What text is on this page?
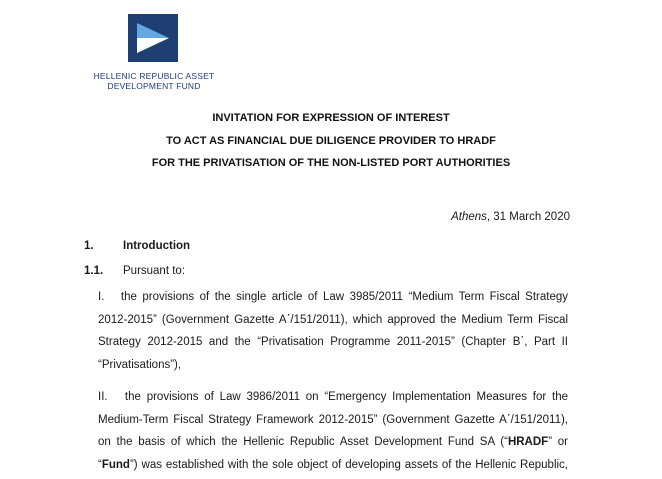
HELLENIC REPUBLIC ASSET
DEVELOPMENT FUND
INVITATION FOR EXPRESSION OF INTEREST
TO ACT AS FINANCIAL DUE DILIGENCE PROVIDER TO HRADF
FOR THE PRIVATISATION OF THE NON-LISTED PORT AUTHORITIES
Athens, 31 March 2020
1.	Introduction
1.1. Pursuant to:
I.   the provisions of the single article of Law 3985/2011 “Medium Term Fiscal Strategy
2012-2015” (Government Gazette A΄/151/2011), which approved the Medium Term Fiscal
Strategy 2012-2015 and the “Privatisation Programme 2011-2015” (Chapter B΄, Part II
“Privatisations”),
II.   the provisions of Law 3986/2011 on “Emergency Implementation Measures for the
Medium-Term Fiscal Strategy Framework 2012-2015” (Government Gazette A΄/151/2011),
on the basis of which the Hellenic Republic Asset Development Fund SA (“HRADF” or
“Fund”) was established with the sole object of developing assets of the Hellenic Republic,
